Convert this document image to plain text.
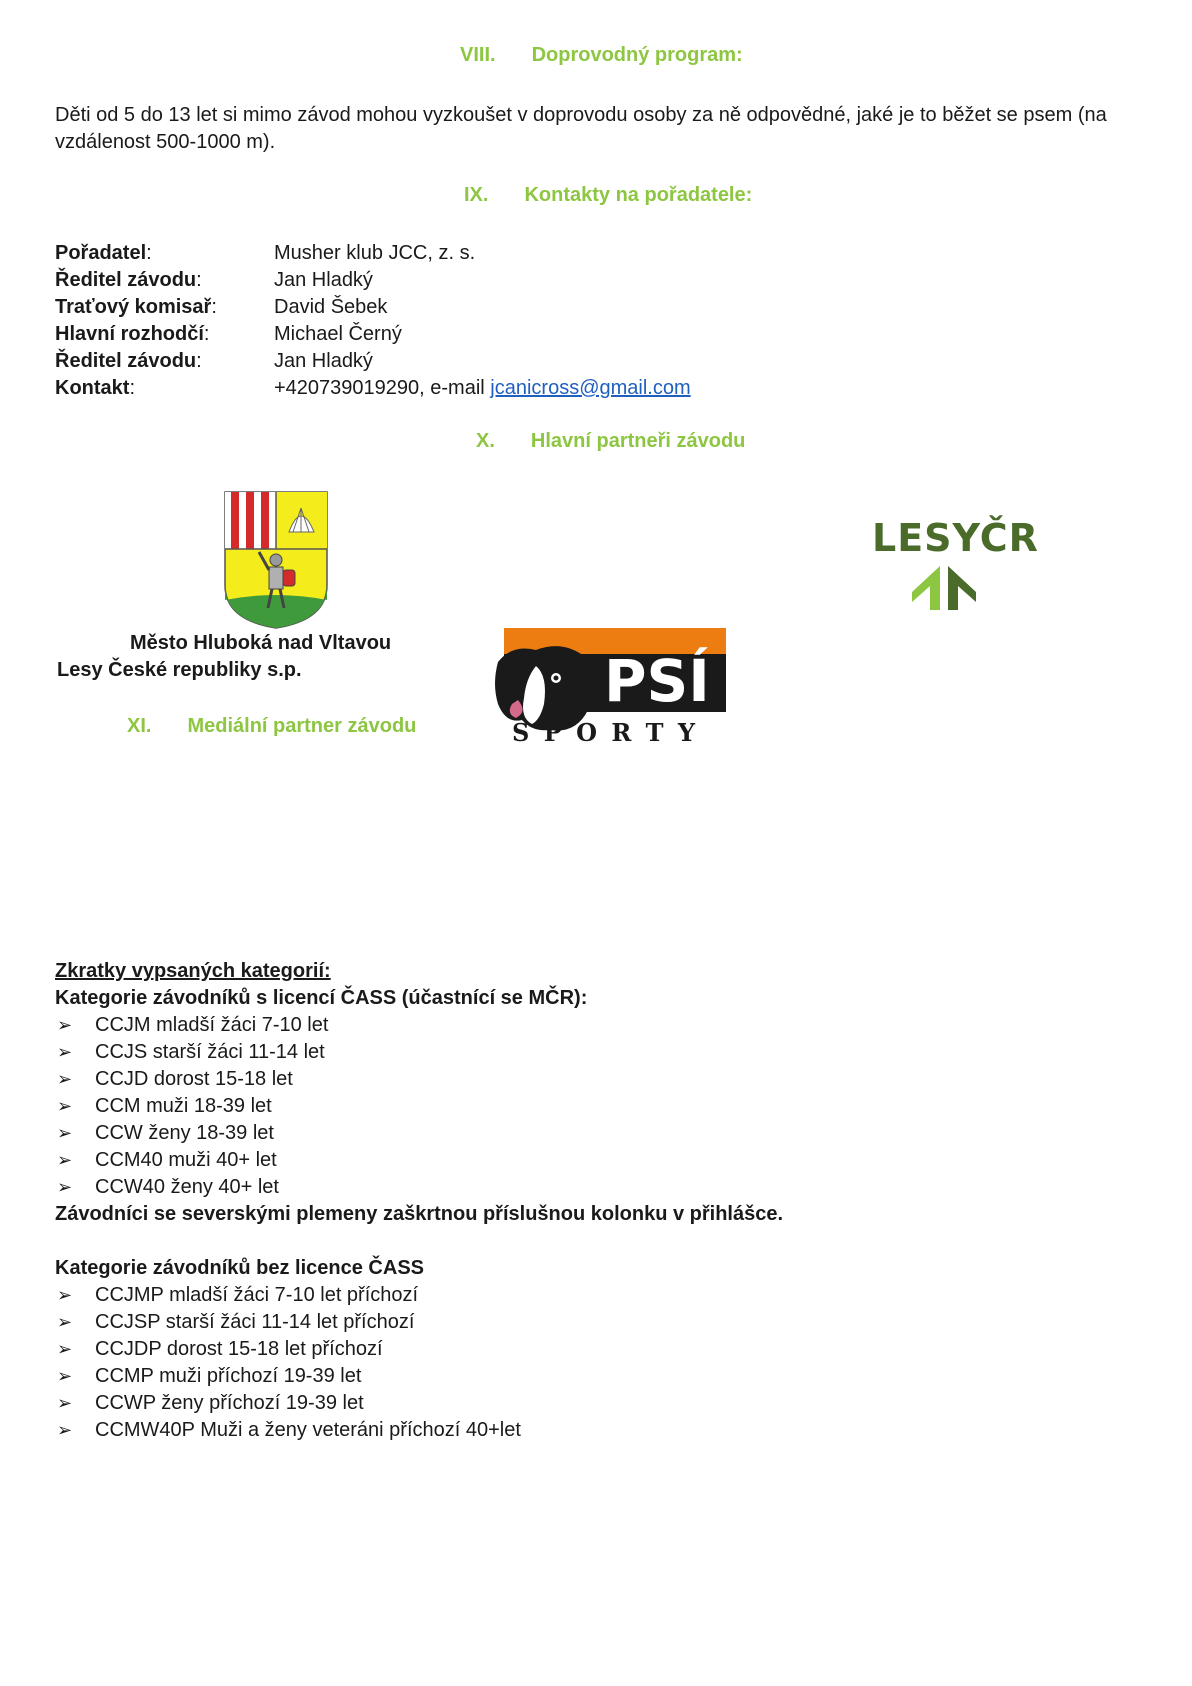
VIII. Doprovodný program:
Děti od 5 do 13 let si mimo závod mohou vyzkoušet v doprovodu osoby za ně odpovědné, jaké je to běžet se psem (na vzdálenost 500-1000 m).
IX. Kontakty na pořadatele:
Pořadatel:	Musher klub JCC, z. s.
Ředitel závodu:	Jan Hladký
Traťový komisař:	David Šebek
Hlavní rozhodčí:	Michael Černý
Ředitel závodu:	Jan Hladký
Kontakt:	+420739019290, e-mail jcanicross@gmail.com
X. Hlavní partneři závodu
Město Hluboká nad Vltavou
Lesy České republiky s.p.
LESYČR
PSÍ
S P O R T Y
XI. Mediální partner závodu
Zkratky vypsaných kategorií:
Kategorie závodníků s licencí ČASS (účastnící se MČR):
➢	CCJM mladší žáci 7-10 let
➢	CCJS starší žáci 11-14 let
➢	CCJD dorost 15-18 let
➢	CCM muži 18-39 let
➢	CCW ženy 18-39 let
➢	CCM40 muži 40+ let
➢	CCW40 ženy 40+ let
Závodníci se severskými plemeny zaškrtnou příslušnou kolonku v přihlášce.
Kategorie závodníků bez licence ČASS
➢	CCJMP mladší žáci 7-10 let příchozí
➢	CCJSP starší žáci 11-14 let příchozí
➢	CCJDP dorost 15-18 let příchozí
➢	CCMP muži příchozí 19-39 let
➢	CCWP ženy příchozí 19-39 let
➢	CCMW40P Muži a ženy veteráni příchozí 40+let
